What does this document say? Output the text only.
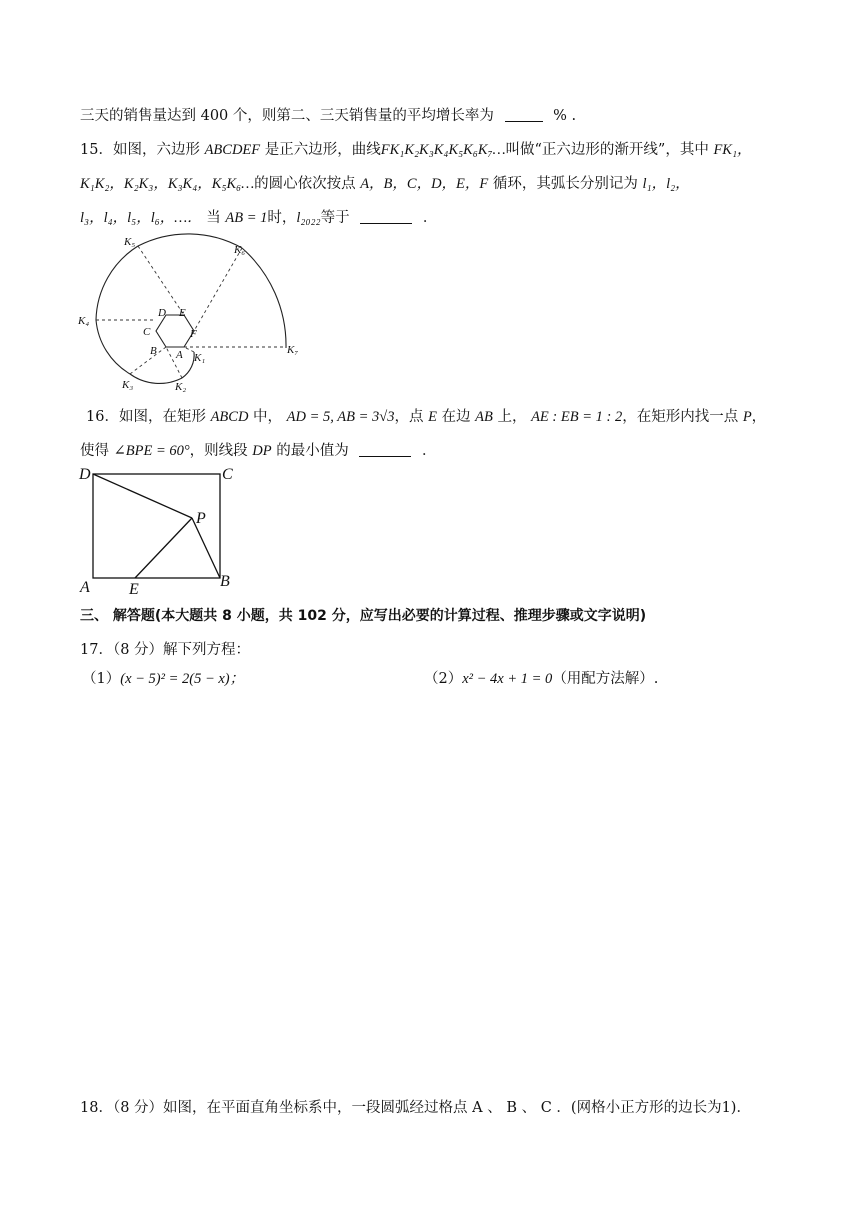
三天的销售量达到 400 个，则第二、三天销售量的平均增长率为	% .
15．如图，六边形 ABCDEF 是正六边形，曲线FK₁K₂K₃K₄K₅K₆K₇…叫做“正六边形的渐开线”，其中 FK₁，
K₁K₂，K₂K₃，K₃K₄，K₅K₆…的圆心依次按点 A，B，C，D，E，F 循环，其弧长分别记为 l₁，l₂，
l₃，l₄，l₅，l₆，…． 当 AB = 1时，l₂₀₂₂等于	．
K₅
K₆
K₄
K₇
K₃	K₂
K₁
D E
C	F
B A
16．如图，在矩形 ABCD 中， AD = 5, AB = 3√3，点 E 在边 AB 上， AE : EB = 1 : 2，在矩形内找一点 P，
使得 ∠BPE = 60°，则线段 DP 的最小值为	．
D	C
P
A E	B
三、 解答题(本大题共 8 小题，共 102 分，应写出必要的计算过程、推理步骤或文字说明)
17．（8 分）解下列方程：
（1）(x − 5)² = 2(5 − x)；	（2）x² − 4x + 1 = 0（用配方法解）.
18．（8 分）如图，在平面直角坐标系中，一段圆弧经过格点 A 、 B 、 C ．(网格小正方形的边长为1)．
